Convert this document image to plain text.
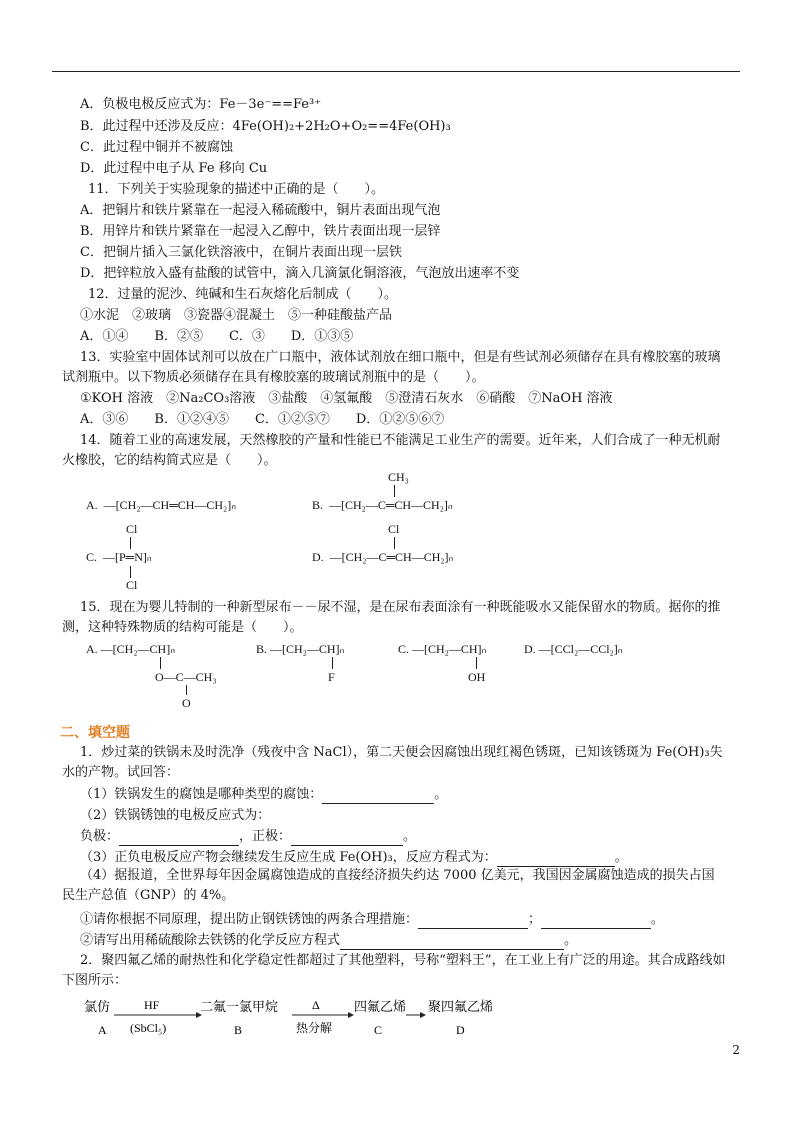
A．负极电极反应式为：Fe－3e⁻==Fe³⁺
B．此过程中还涉及反应：4Fe(OH)₂+2H₂O+O₂==4Fe(OH)₃
C．此过程中铜并不被腐蚀
D．此过程中电子从 Fe 移向 Cu
11．下列关于实验现象的描述中正确的是（　　）。
A．把铜片和铁片紧靠在一起浸入稀硫酸中，铜片表面出现气泡
B．用锌片和铁片紧靠在一起浸入乙醇中，铁片表面出现一层锌
C．把铜片插入三氯化铁溶液中，在铜片表面出现一层铁
D．把锌粒放入盛有盐酸的试管中，滴入几滴氯化铜溶液，气泡放出速率不变
12．过量的泥沙、纯碱和生石灰熔化后制成（　　）。
①水泥　②玻璃　③瓷器④混凝土　⑤一种硅酸盐产品
A．①④　　B．②⑤　　C．③　　D．①③⑤
13．实验室中固体试剂可以放在广口瓶中，液体试剂放在细口瓶中，但是有些试剂必须储存在具有橡胶塞的玻璃试剂瓶中。以下物质必须储存在具有橡胶塞的玻璃试剂瓶中的是（　　）。
①KOH 溶液　②Na₂CO₃溶液　③盐酸　④氢氟酸　⑤澄清石灰水　⑥硝酸　⑦NaOH 溶液
A．③⑥　　B．①②④⑤　　C．①②⑤⑦　　D．①②⑤⑥⑦
14．随着工业的高速发展，天然橡胶的产量和性能已不能满足工业生产的需要。近年来，人们合成了一种无机耐火橡胶，它的结构简式应是（　　）。
A. —[CH₂—CH═CH—CH₂]ₙ	B. —[CH₂—C═CH—CH₂]ₙ
CH₃
Cl
C. —[P═N]ₙ
Cl
Cl
D. —[CH₂—C═CH—CH₂]ₙ
15．现在为婴儿特制的一种新型尿布－－尿不湿，是在尿布表面涂有一种既能吸水又能保留水的物质。据你的推测，这种特殊物质的结构可能是（　　）。
A. —[CH₂—CH]ₙ
O—C—CH₃
O
B. —[CH₂—CH]ₙ
F
C. —[CH₂—CH]ₙ
OH
D. —[CCl₂—CCl₂]ₙ
二、填空题
1．炒过菜的铁锅未及时洗净（残夜中含 NaCl），第二天便会因腐蚀出现红褐色锈斑，已知该锈斑为 Fe(OH)₃失水的产物。试回答：
（1）铁锅发生的腐蚀是哪种类型的腐蚀：	。
（2）铁锅锈蚀的电极反应式为：
负极：	，正极：	。
（3）正负电极反应产物会继续发生反应生成 Fe(OH)₃，反应方程式为：	。
（4）据报道，全世界每年因金属腐蚀造成的直接经济损失约达 7000 亿美元，我国因金属腐蚀造成的损失占国民生产总值（GNP）的 4%。
①请你根据不同原理，提出防止钢铁锈蚀的两条合理措施：	；	。
②请写出用稀硫酸除去铁锈的化学反应方程式	。
2．聚四氟乙烯的耐热性和化学稳定性都超过了其他塑料，号称“塑料王”，在工业上有广泛的用途。其合成路线如下图所示：
氯仿
A
HF
(SbCl₅)
二氟一氯甲烷
B
Δ
热分解
四氟乙烯
C
聚四氟乙烯
D
2
